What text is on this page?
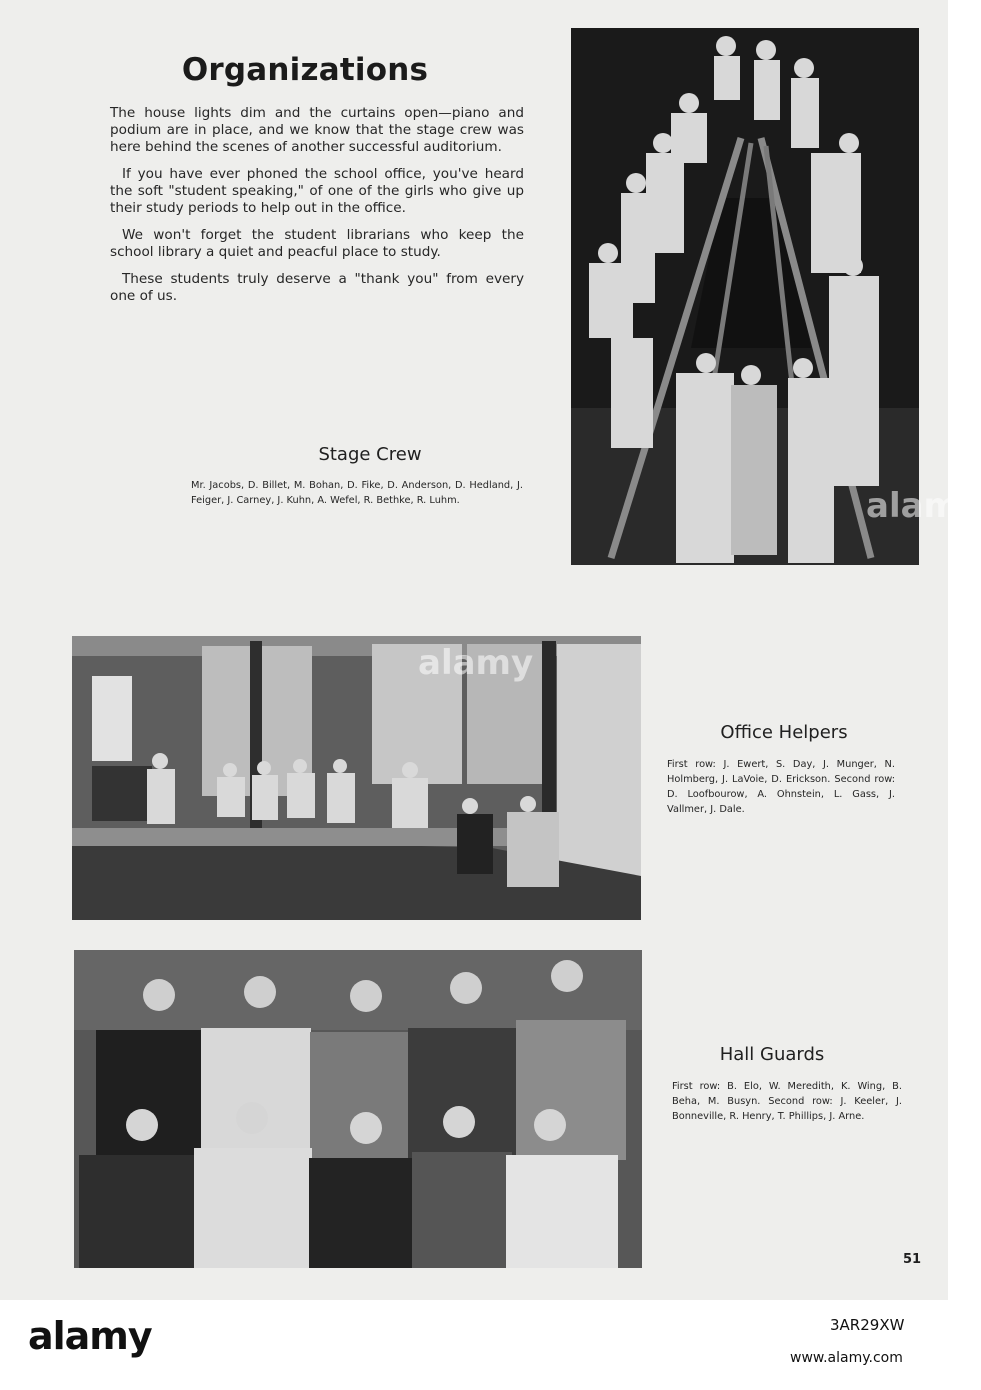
Organizations

The house lights dim and the curtains open—piano and podium are in place, and we know that the stage crew was here behind the scenes of another successful auditorium.

If you have ever phoned the school office, you've heard the soft "student speaking," of one of the girls who give up their study periods to help out in the office.

We won't forget the student librarians who keep the school library a quiet and peacful place to study.

These students truly deserve a "thank you" from every one of us.

Stage Crew
Mr. Jacobs, D. Billet, M. Bohan, D. Fike, D. Anderson, D. Hedland, J. Feiger, J. Carney, J. Kuhn, A. Wefel, R. Bethke, R. Luhm.
Office Helpers
First row: J. Ewert, S. Day, J. Munger, N. Holmberg, J. LaVoie, D. Erickson. Second row: D. Loofbourow, A. Ohnstein, L. Gass, J. Vallmer, J. Dale.
Hall Guards
First row: B. Elo, W. Meredith, K. Wing, B. Beha, M. Busyn. Second row: J. Keeler, J. Bonneville, R. Henry, T. Phillips, J. Arne.
51
alamy
alamy
alamy	3AR29XW
www.alamy.com
